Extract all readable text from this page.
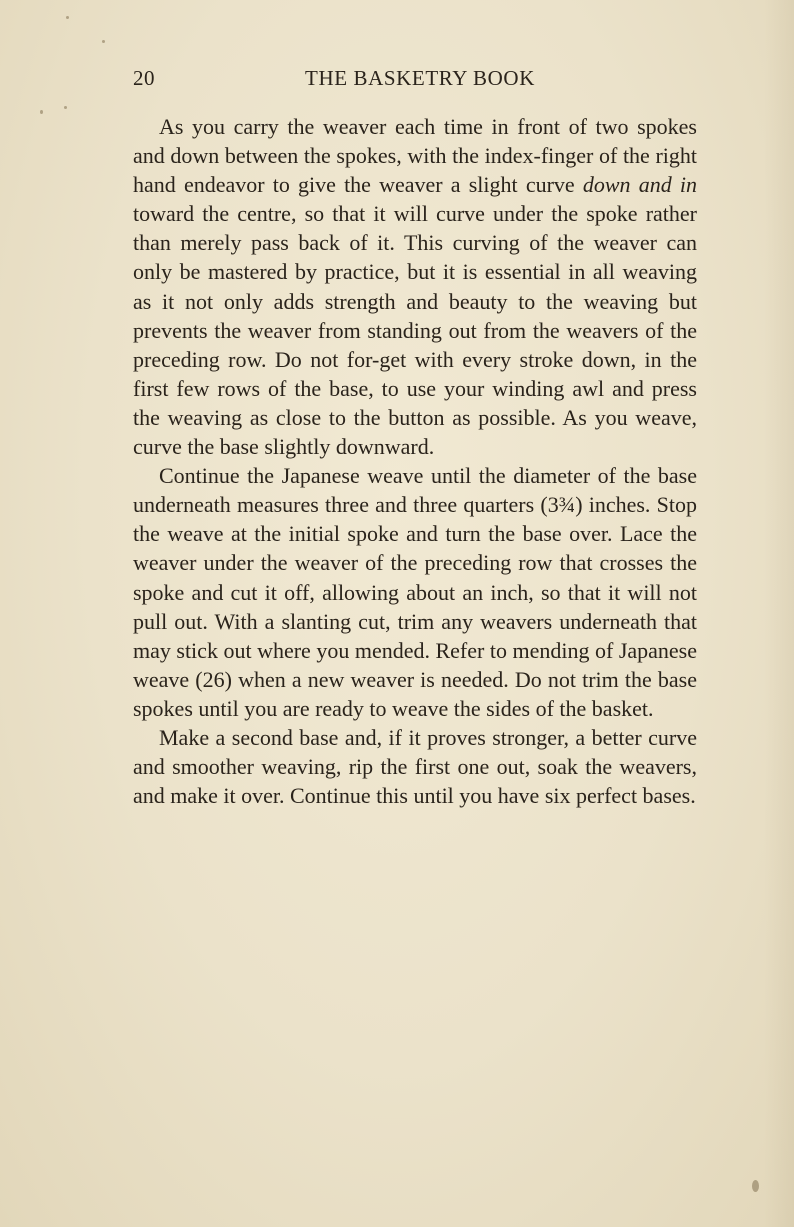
20	THE BASKETRY BOOK

As you carry the weaver each time in front of two spokes and down between the spokes, with the index-finger of the right hand endeavor to give the weaver a slight curve down and in toward the centre, so that it will curve under the spoke rather than merely pass back of it. This curving of the weaver can only be mastered by practice, but it is essential in all weaving as it not only adds strength and beauty to the weaving but prevents the weaver from standing out from the weavers of the preceding row. Do not for-get with every stroke down, in the first few rows of the base, to use your winding awl and press the weaving as close to the button as possible. As you weave, curve the base slightly downward.

Continue the Japanese weave until the diameter of the base underneath measures three and three quarters (3¾) inches. Stop the weave at the initial spoke and turn the base over. Lace the weaver under the weaver of the preceding row that crosses the spoke and cut it off, allowing about an inch, so that it will not pull out. With a slanting cut, trim any weavers underneath that may stick out where you mended. Refer to mending of Japanese weave (26) when a new weaver is needed. Do not trim the base spokes until you are ready to weave the sides of the basket.

Make a second base and, if it proves stronger, a better curve and smoother weaving, rip the first one out, soak the weavers, and make it over. Continue this until you have six perfect bases.
